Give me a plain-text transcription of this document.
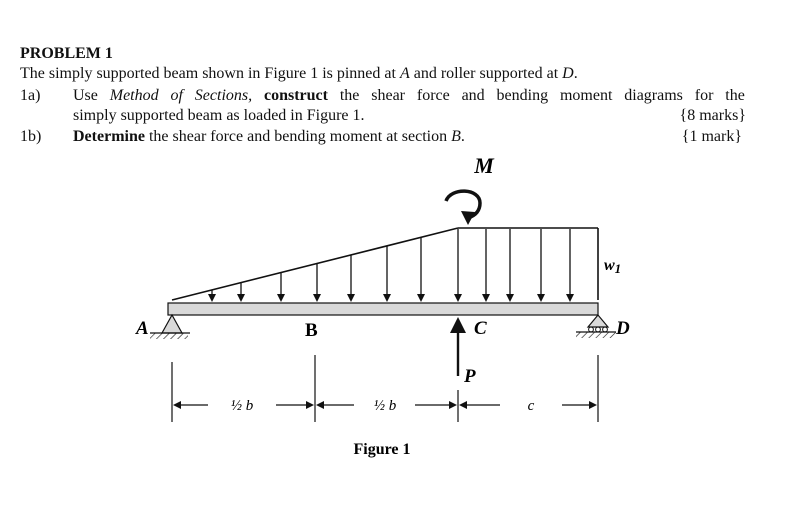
PROBLEM 1
The simply supported beam shown in Figure 1 is pinned at A and roller supported at D.
1a) Use Method of Sections, construct the shear force and bending moment diagrams for the
simply supported beam as loaded in Figure 1.	{8 marks}
1b) Determine the shear force and bending moment at section B.	{1 mark}
M
w1
A	B	C	D
P
½ b	½ b	c
Figure 1
